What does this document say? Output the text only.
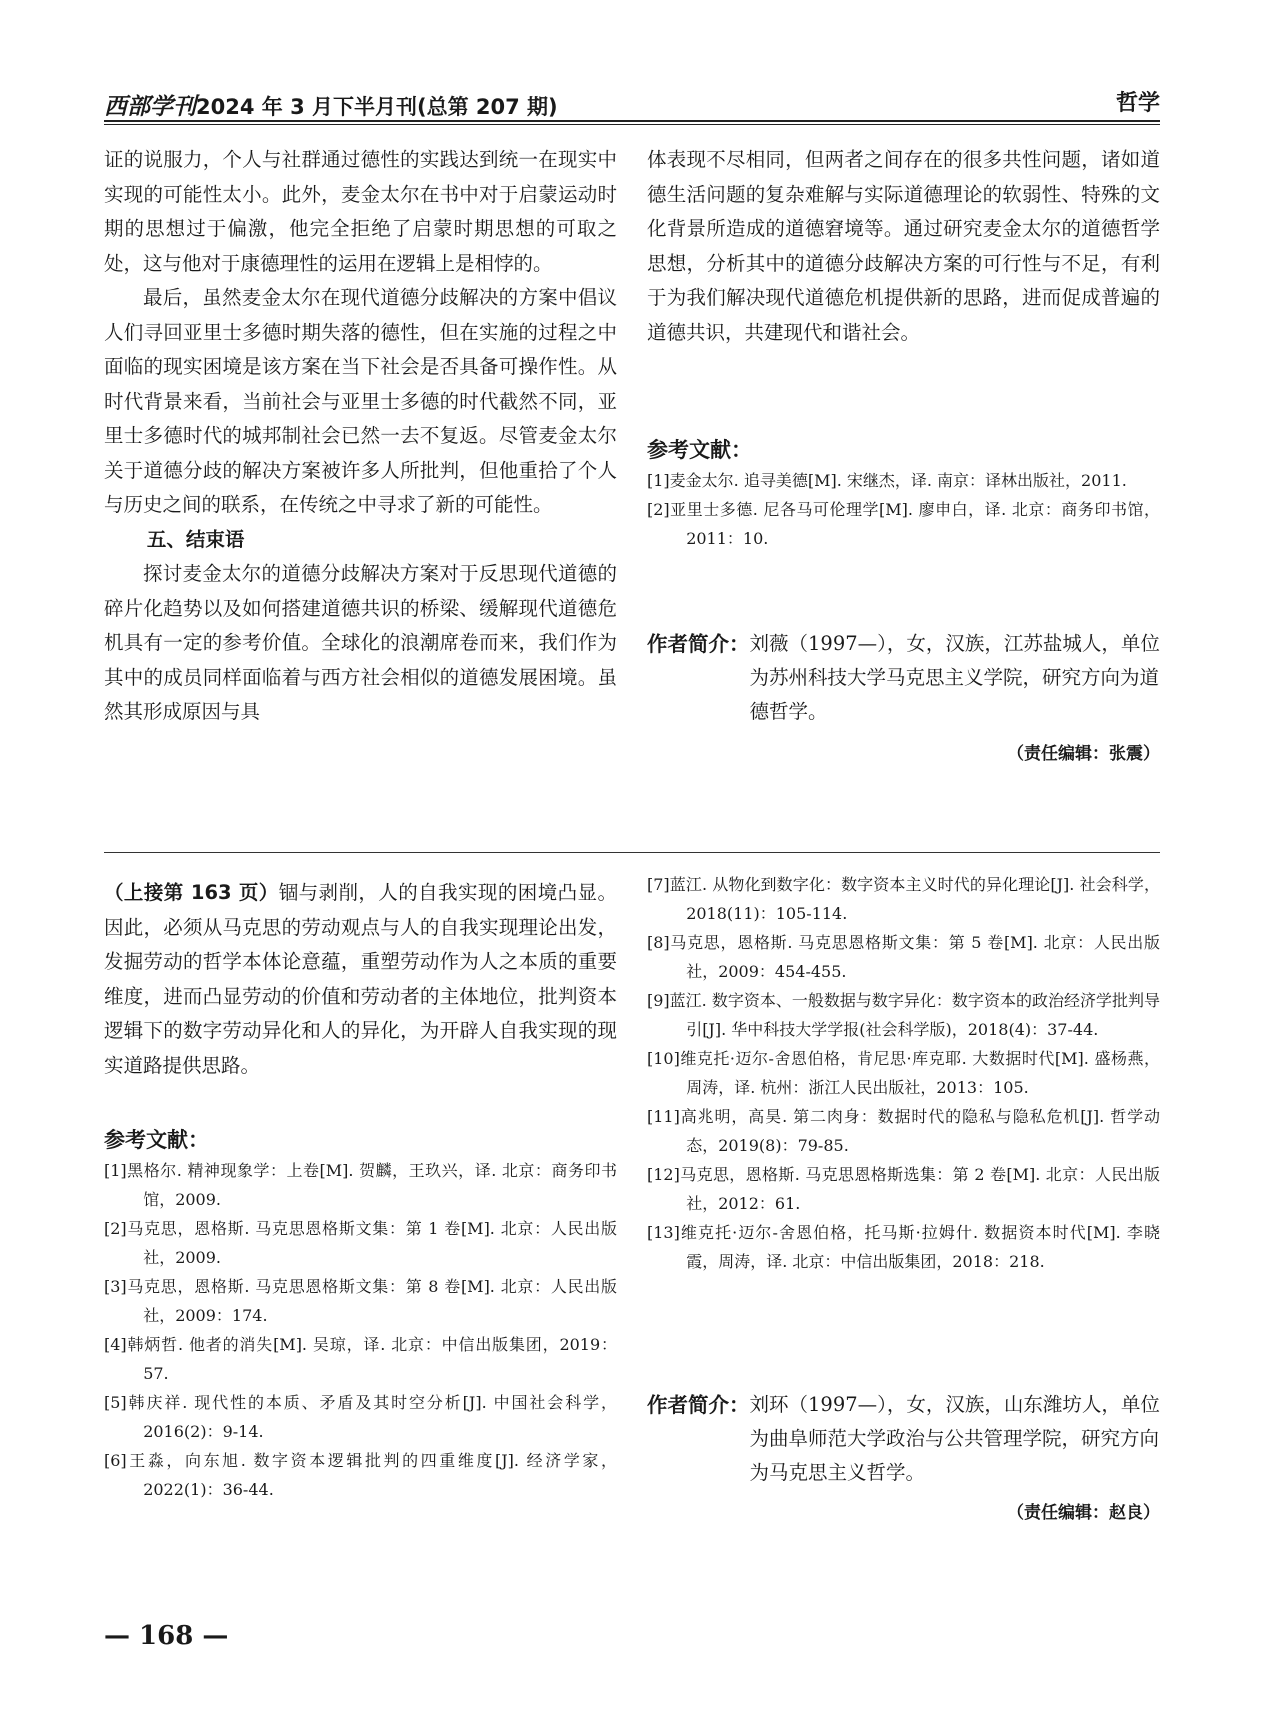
西部学刊2024 年 3 月下半月刊(总第 207 期)	哲学

证的说服力，个人与社群通过德性的实践达到统一在现实中实现的可能性太小。此外，麦金太尔在书中对于启蒙运动时期的思想过于偏激，他完全拒绝了启蒙时期思想的可取之处，这与他对于康德理性的运用在逻辑上是相悖的。

最后，虽然麦金太尔在现代道德分歧解决的方案中倡议人们寻回亚里士多德时期失落的德性，但在实施的过程之中面临的现实困境是该方案在当下社会是否具备可操作性。从时代背景来看，当前社会与亚里士多德的时代截然不同，亚里士多德时代的城邦制社会已然一去不复返。尽管麦金太尔关于道德分歧的解决方案被许多人所批判，但他重拾了个人与历史之间的联系，在传统之中寻求了新的可能性。

五、结束语

探讨麦金太尔的道德分歧解决方案对于反思现代道德的碎片化趋势以及如何搭建道德共识的桥梁、缓解现代道德危机具有一定的参考价值。全球化的浪潮席卷而来，我们作为其中的成员同样面临着与西方社会相似的道德发展困境。虽然其形成原因与具

体表现不尽相同，但两者之间存在的很多共性问题，诸如道德生活问题的复杂难解与实际道德理论的软弱性、特殊的文化背景所造成的道德窘境等。通过研究麦金太尔的道德哲学思想，分析其中的道德分歧解决方案的可行性与不足，有利于为我们解决现代道德危机提供新的思路，进而促成普遍的道德共识，共建现代和谐社会。

参考文献：

[1]麦金太尔. 追寻美德[M]. 宋继杰，译. 南京：译林出版社，2011.

[2]亚里士多德. 尼各马可伦理学[M]. 廖申白，译. 北京：商务印书馆，2011：10.

作者简介： 刘薇（1997—），女，汉族，江苏盐城人，单位为苏州科技大学马克思主义学院，研究方向为道德哲学。
（责任编辑：张震）

（上接第 163 页）锢与剥削，人的自我实现的困境凸显。因此，必须从马克思的劳动观点与人的自我实现理论出发，发掘劳动的哲学本体论意蕴，重塑劳动作为人之本质的重要维度，进而凸显劳动的价值和劳动者的主体地位，批判资本逻辑下的数字劳动异化和人的异化，为开辟人自我实现的现实道路提供思路。

参考文献：

[1]黑格尔. 精神现象学：上卷[M]. 贺麟，王玖兴，译. 北京：商务印书馆，2009.

[2]马克思，恩格斯. 马克思恩格斯文集：第 1 卷[M]. 北京：人民出版社，2009.

[3]马克思，恩格斯. 马克思恩格斯文集：第 8 卷[M]. 北京：人民出版社，2009：174.

[4]韩炳哲. 他者的消失[M]. 吴琼，译. 北京：中信出版集团，2019：57.

[5]韩庆祥. 现代性的本质、矛盾及其时空分析[J]. 中国社会科学，2016(2)：9-14.

[6]王淼，向东旭. 数字资本逻辑批判的四重维度[J]. 经济学家，2022(1)：36-44.

[7]蓝江. 从物化到数字化：数字资本主义时代的异化理论[J]. 社会科学，2018(11)：105-114.

[8]马克思，恩格斯. 马克思恩格斯文集：第 5 卷[M]. 北京：人民出版社，2009：454-455.

[9]蓝江. 数字资本、一般数据与数字异化：数字资本的政治经济学批判导引[J]. 华中科技大学学报(社会科学版)，2018(4)：37-44.

[10]维克托·迈尔-舍恩伯格，肯尼思·库克耶. 大数据时代[M]. 盛杨燕，周涛，译. 杭州：浙江人民出版社，2013：105.

[11]高兆明，高昊. 第二肉身：数据时代的隐私与隐私危机[J]. 哲学动态，2019(8)：79-85.

[12]马克思，恩格斯. 马克思恩格斯选集：第 2 卷[M]. 北京：人民出版社，2012：61.

[13]维克托·迈尔-舍恩伯格，托马斯·拉姆什. 数据资本时代[M]. 李晓霞，周涛，译. 北京：中信出版集团，2018：218.

作者简介： 刘环（1997—），女，汉族，山东潍坊人，单位为曲阜师范大学政治与公共管理学院，研究方向为马克思主义哲学。
（责任编辑：赵良）
— 168 —
